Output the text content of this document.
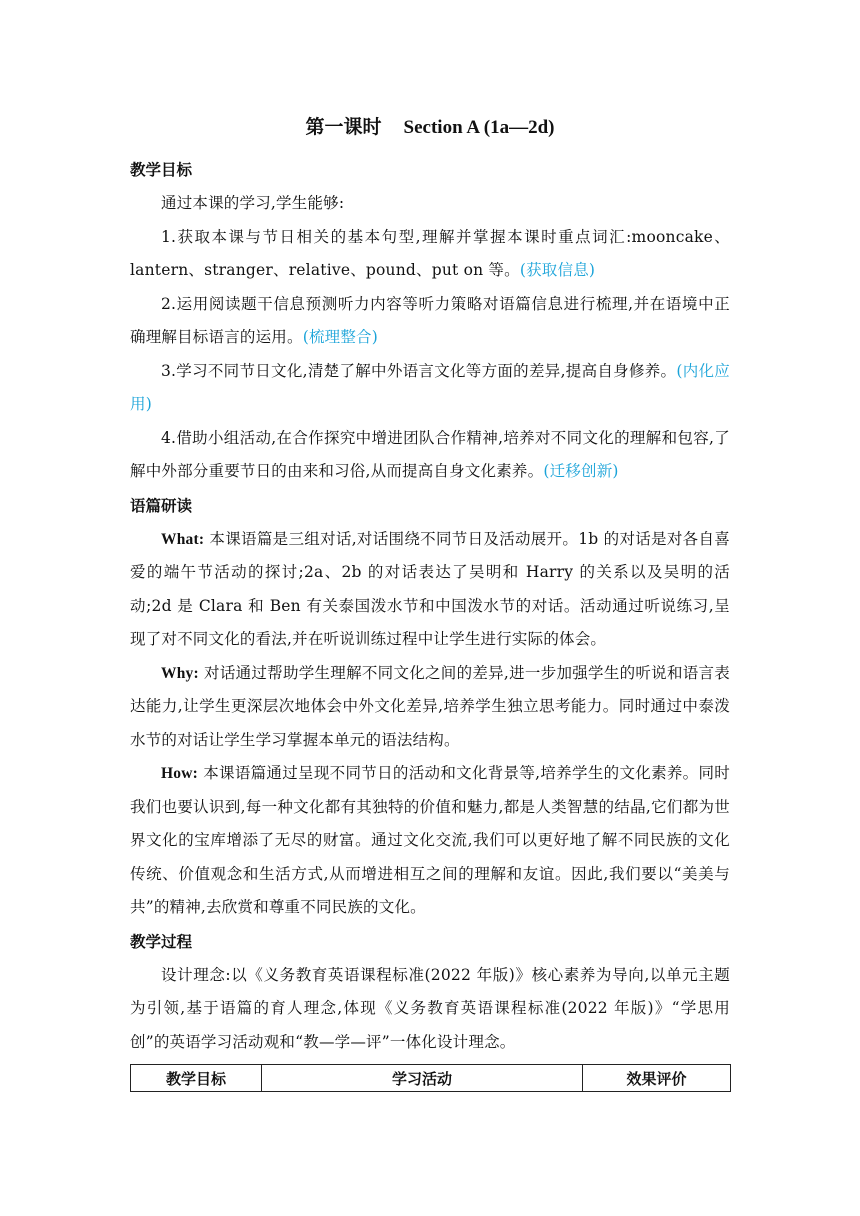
第一课时 Section A (1a—2d)
教学目标

通过本课的学习,学生能够:

1.获取本课与节日相关的基本句型,理解并掌握本课时重点词汇:mooncake、lantern、stranger、relative、pound、put on 等。(获取信息)

2.运用阅读题干信息预测听力内容等听力策略对语篇信息进行梳理,并在语境中正确理解目标语言的运用。(梳理整合)

3.学习不同节日文化,清楚了解中外语言文化等方面的差异,提高自身修养。(内化应用)

4.借助小组活动,在合作探究中增进团队合作精神,培养对不同文化的理解和包容,了解中外部分重要节日的由来和习俗,从而提高自身文化素养。(迁移创新)

语篇研读

What: 本课语篇是三组对话,对话围绕不同节日及活动展开。1b 的对话是对各自喜爱的端午节活动的探讨;2a、2b 的对话表达了吴明和 Harry 的关系以及吴明的活动;2d 是 Clara 和 Ben 有关泰国泼水节和中国泼水节的对话。活动通过听说练习,呈现了对不同文化的看法,并在听说训练过程中让学生进行实际的体会。

Why: 对话通过帮助学生理解不同文化之间的差异,进一步加强学生的听说和语言表达能力,让学生更深层次地体会中外文化差异,培养学生独立思考能力。同时通过中泰泼水节的对话让学生学习掌握本单元的语法结构。

How: 本课语篇通过呈现不同节日的活动和文化背景等,培养学生的文化素养。同时我们也要认识到,每一种文化都有其独特的价值和魅力,都是人类智慧的结晶,它们都为世界文化的宝库增添了无尽的财富。通过文化交流,我们可以更好地了解不同民族的文化传统、价值观念和生活方式,从而增进相互之间的理解和友谊。因此,我们要以“美美与共”的精神,去欣赏和尊重不同民族的文化。

教学过程

设计理念:以《义务教育英语课程标准(2022 年版)》核心素养为导向,以单元主题为引领,基于语篇的育人理念,体现《义务教育英语课程标准(2022 年版)》“学思用创”的英语学习活动观和“教—学—评”一体化设计理念。

教学目标	学习活动	效果评价
